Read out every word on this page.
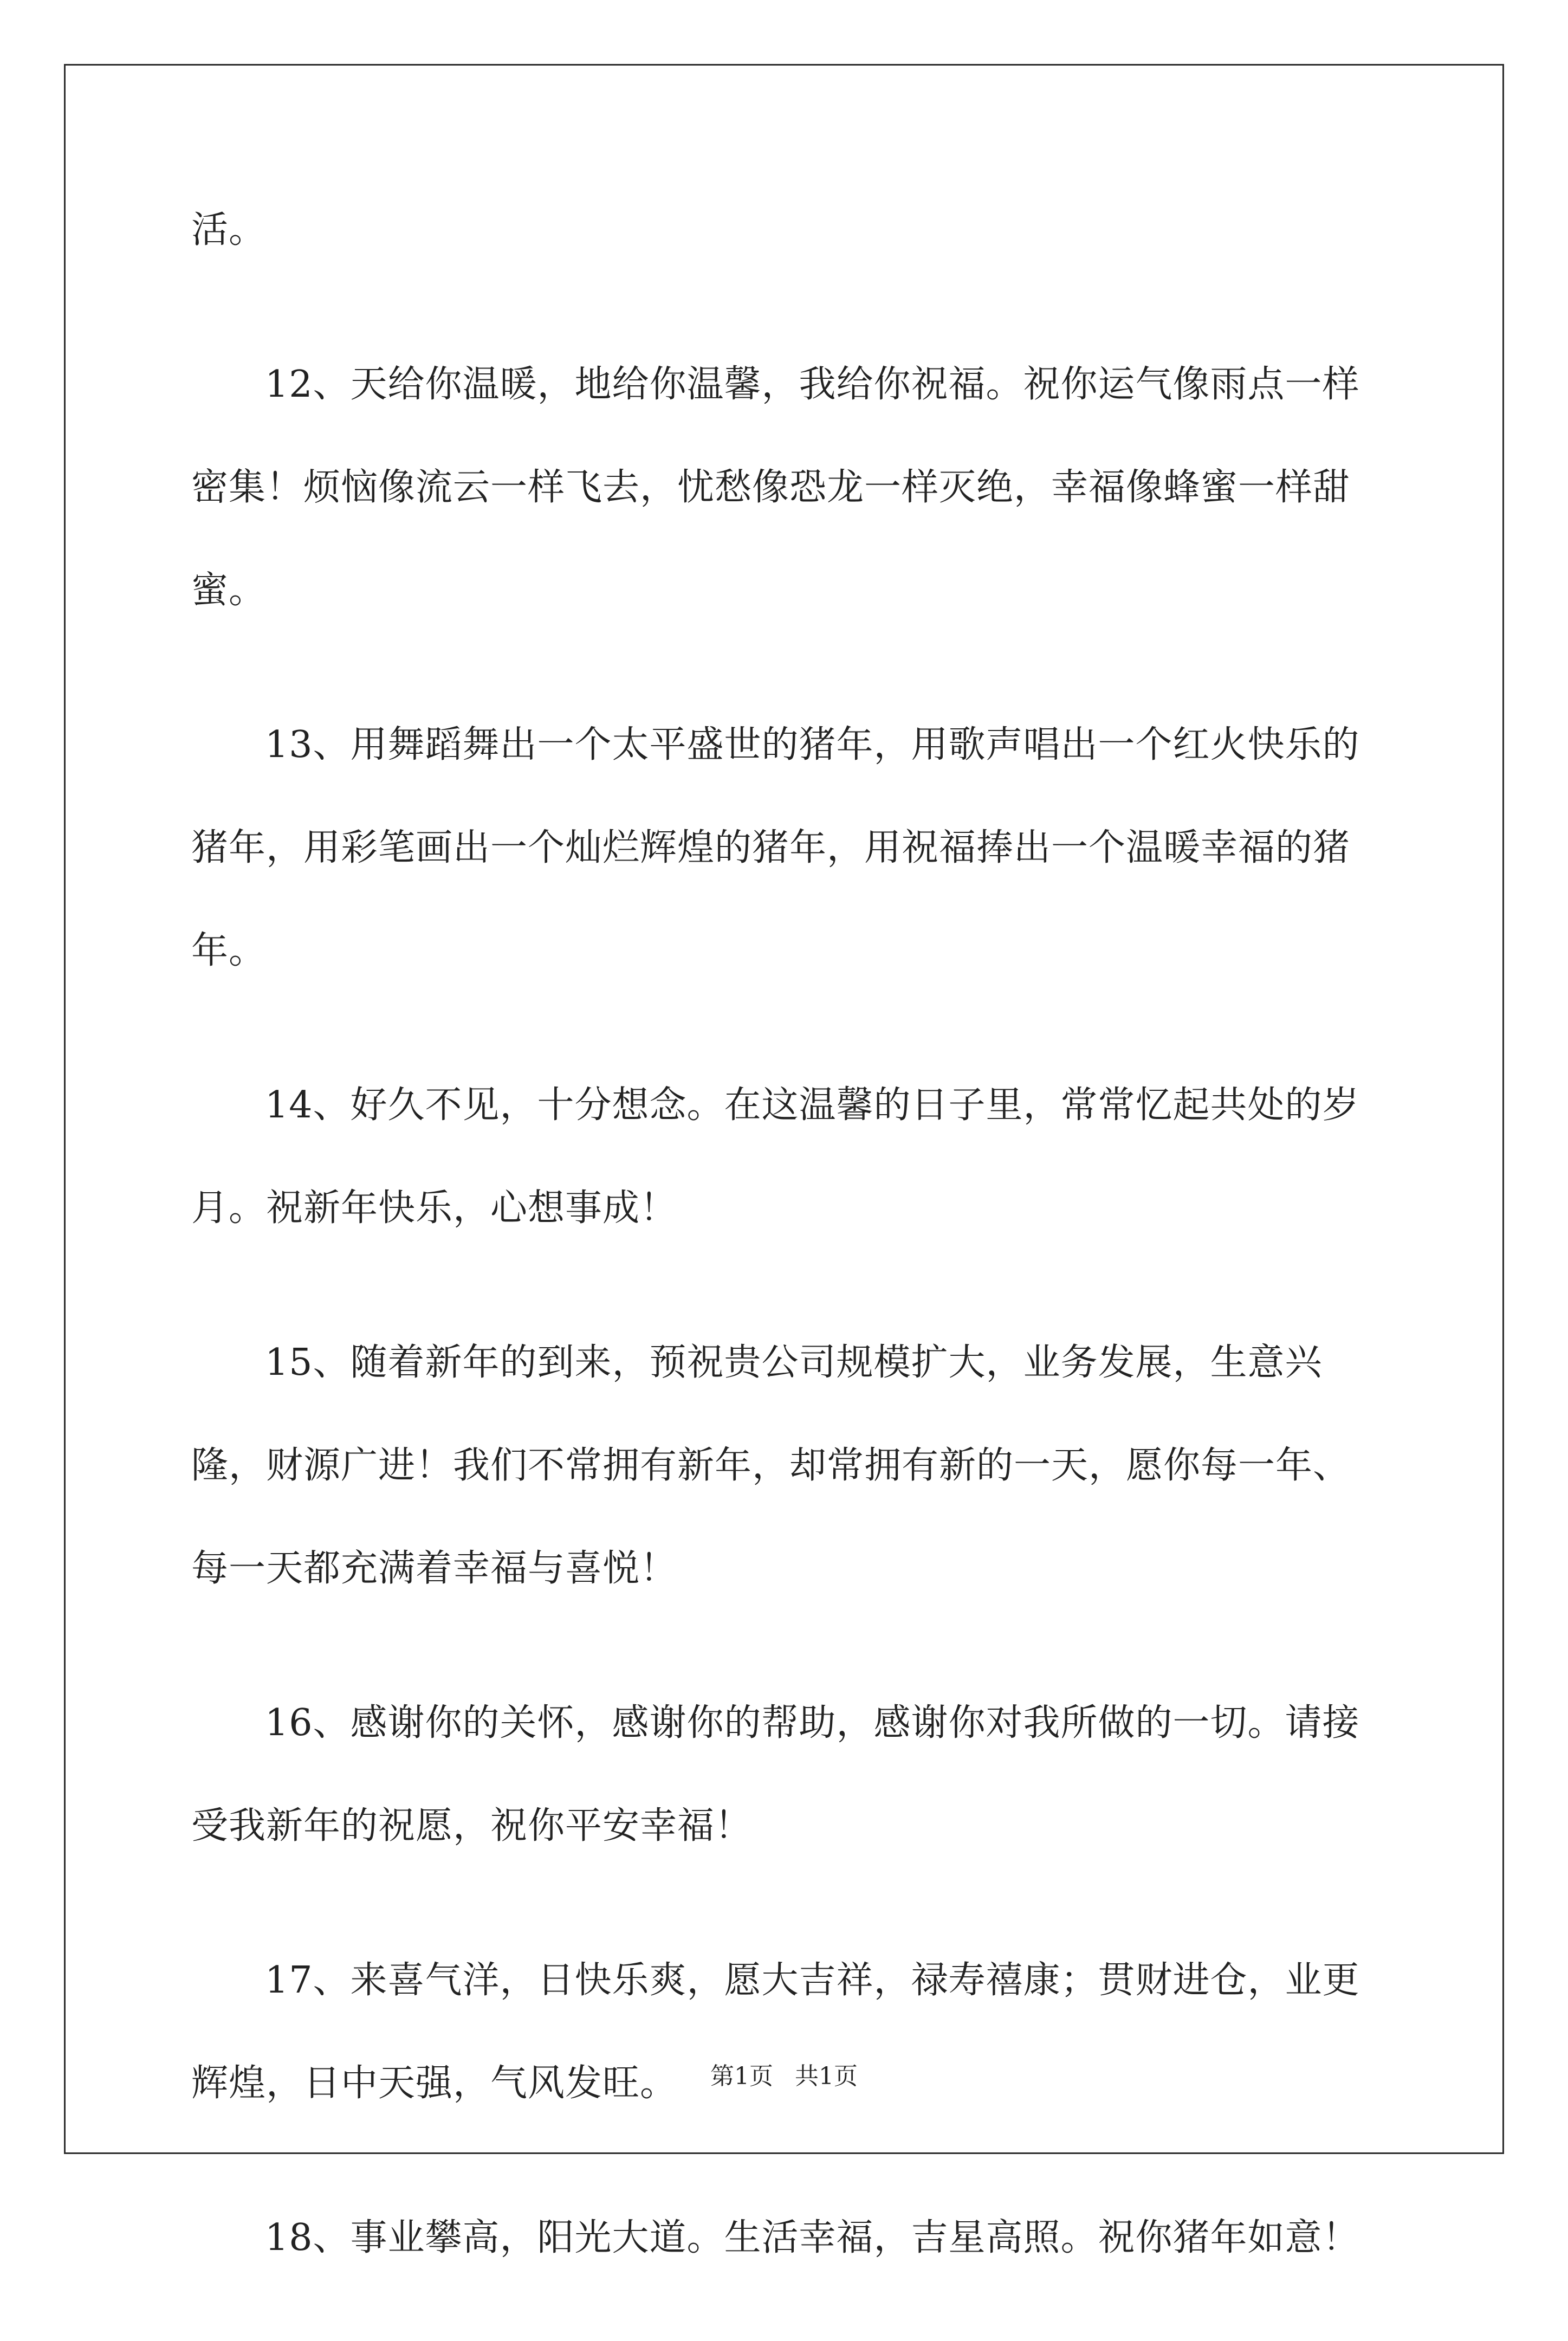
活。

12、天给你温暖，地给你温馨，我给你祝福。祝你运气像雨点一样密集！烦恼像流云一样飞去，忧愁像恐龙一样灭绝，幸福像蜂蜜一样甜蜜。

13、用舞蹈舞出一个太平盛世的猪年，用歌声唱出一个红火快乐的猪年，用彩笔画出一个灿烂辉煌的猪年，用祝福捧出一个温暖幸福的猪年。

14、好久不见，十分想念。在这温馨的日子里，常常忆起共处的岁月。祝新年快乐，心想事成！

15、随着新年的到来，预祝贵公司规模扩大，业务发展，生意兴隆，财源广进！我们不常拥有新年，却常拥有新的一天，愿你每一年、每一天都充满着幸福与喜悦！

16、感谢你的关怀，感谢你的帮助，感谢你对我所做的一切。请接受我新年的祝愿，祝你平安幸福！

17、来喜气洋，日快乐爽，愿大吉祥，禄寿禧康；贯财进仓，业更辉煌，日中天强，气风发旺。

18、事业攀高，阳光大道。生活幸福，吉星高照。祝你猪年如意！

第1页 共1页
